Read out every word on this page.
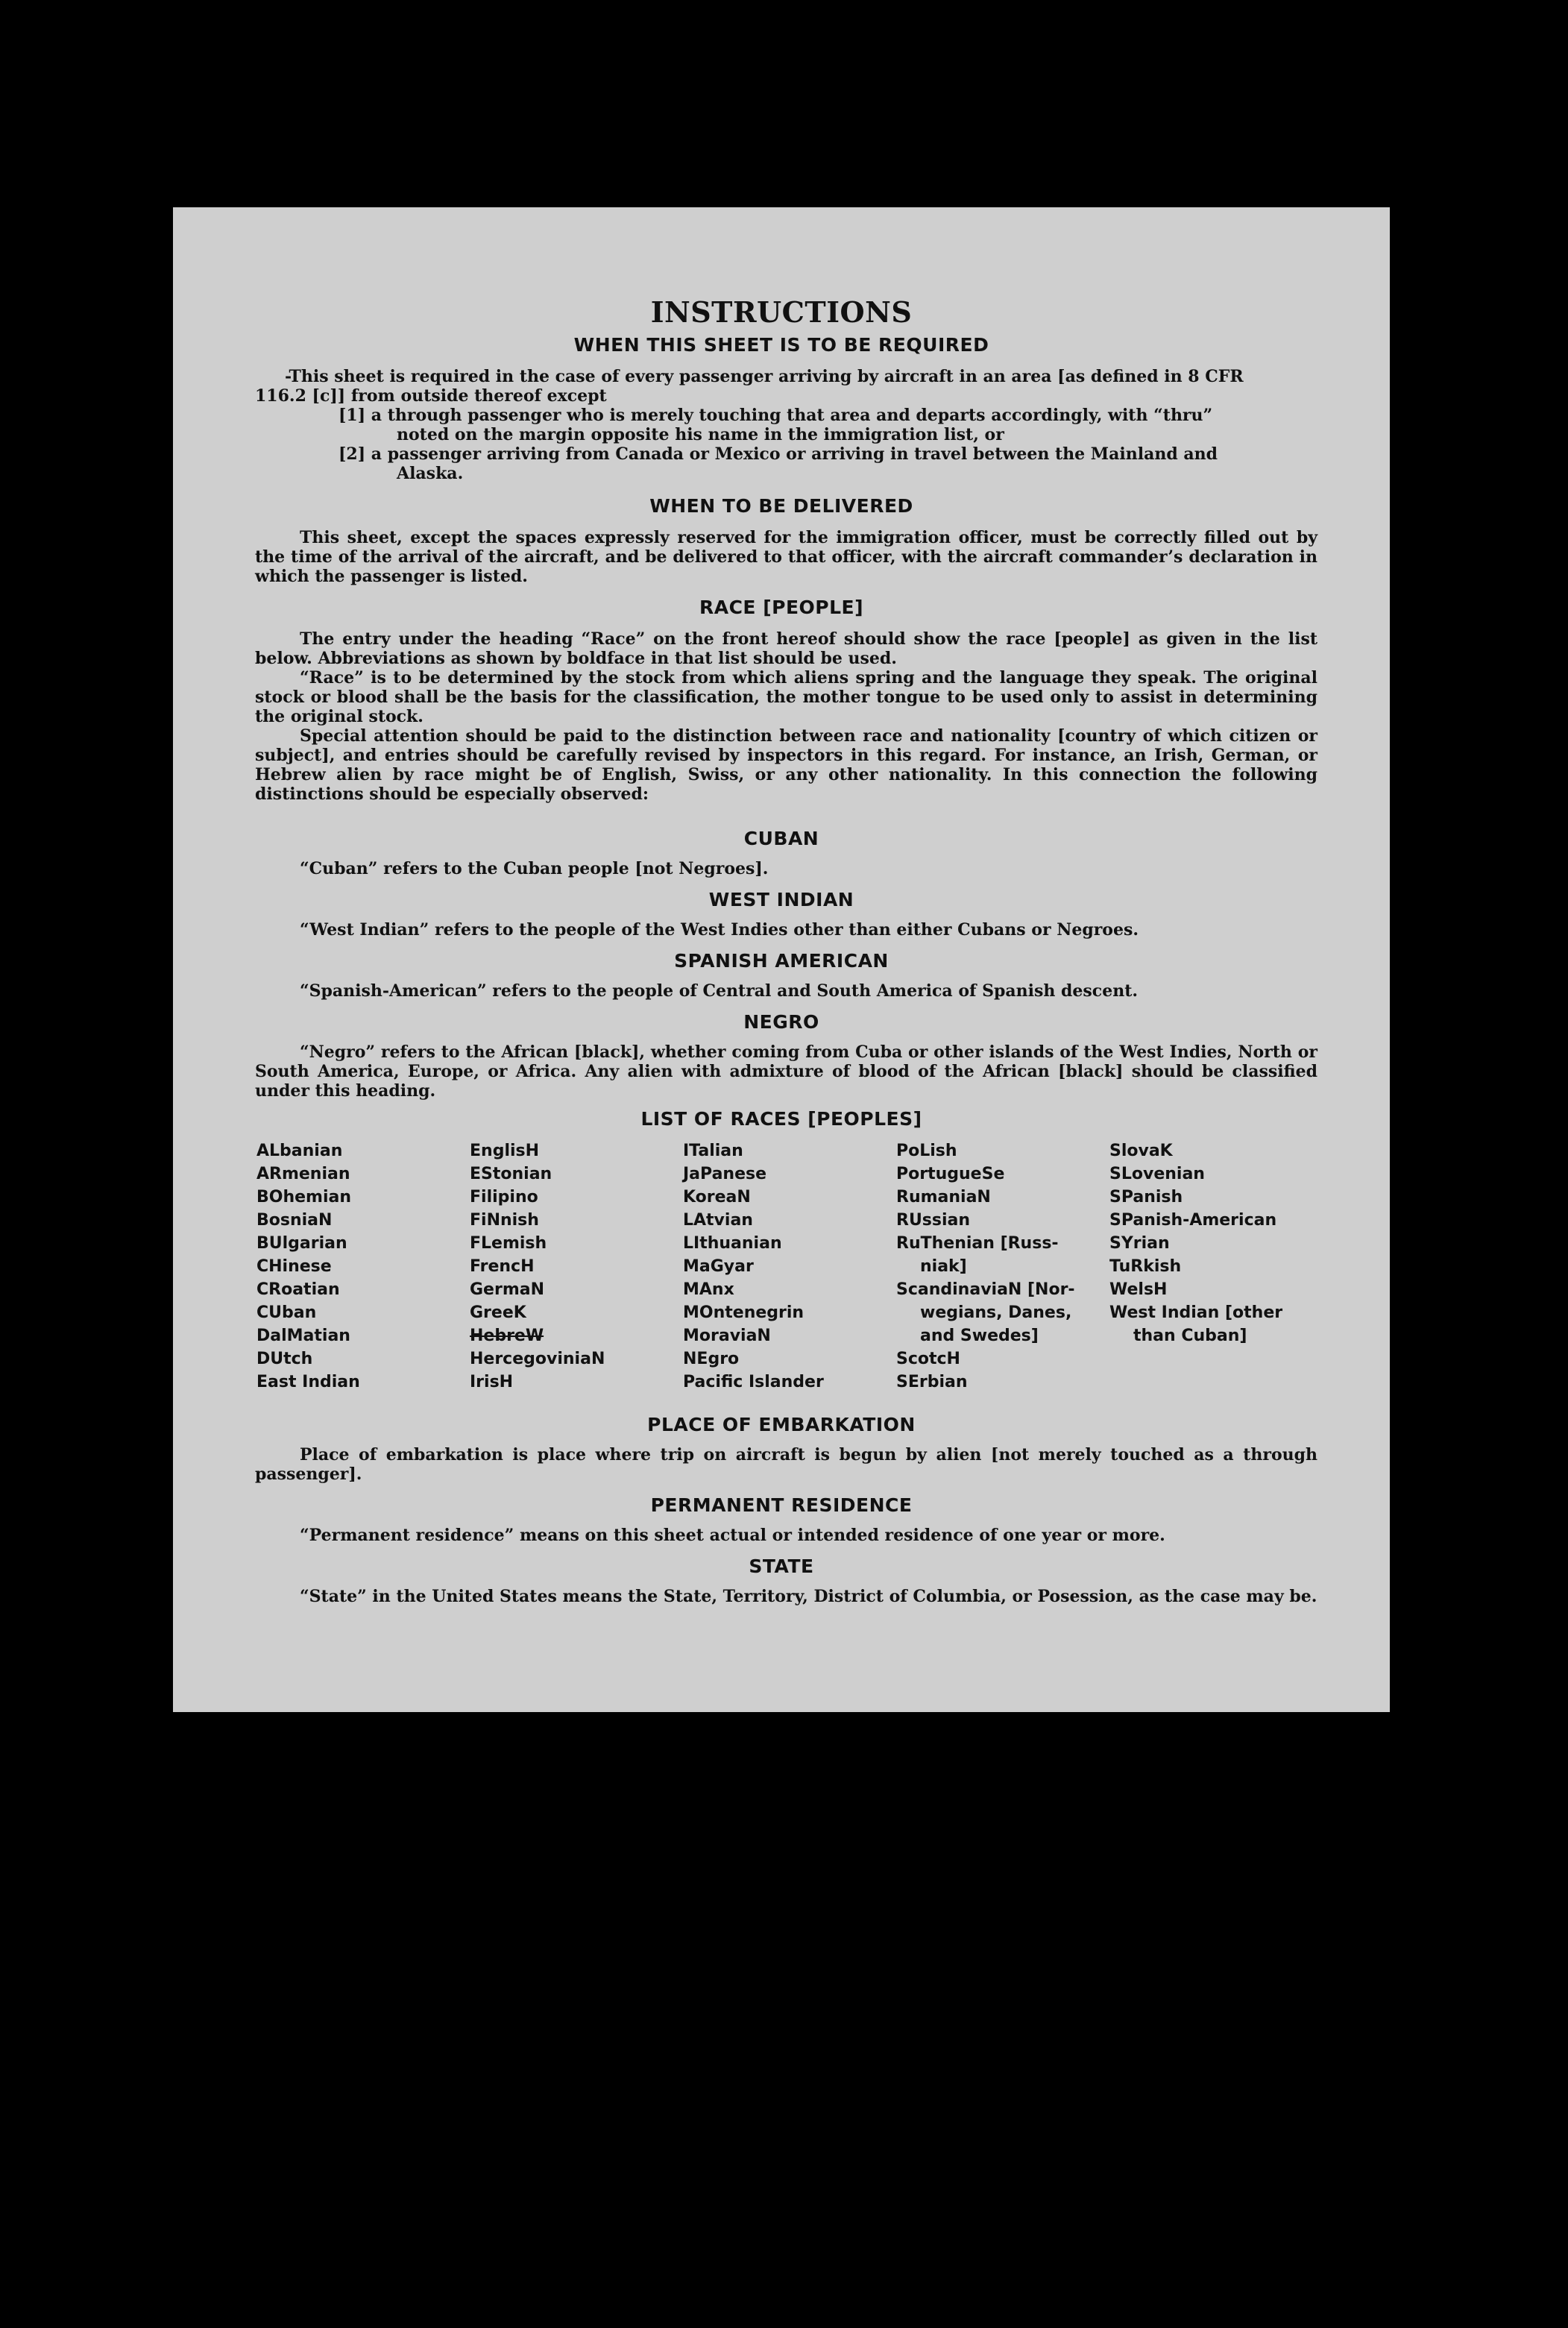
INSTRUCTIONS
WHEN THIS SHEET IS TO BE REQUIRED
-This sheet is required in the case of every passenger arriving by aircraft in an area [as defined in 8 CFR
116.2 [c]] from outside thereof except
[1] a through passenger who is merely touching that area and departs accordingly, with “thru”
noted on the margin opposite his name in the immigration list, or
[2] a passenger arriving from Canada or Mexico or arriving in travel between the Mainland and
Alaska.
WHEN TO BE DELIVERED
This sheet, except the spaces expressly reserved for the immigration officer, must be correctly filled out by the time of the arrival of the aircraft, and be delivered to that officer, with the aircraft commander’s declaration in which the passenger is listed.
RACE [PEOPLE]
The entry under the heading “Race” on the front hereof should show the race [people] as given in the list below. Abbreviations as shown by boldface in that list should be used.
“Race” is to be determined by the stock from which aliens spring and the language they speak. The original stock or blood shall be the basis for the classification, the mother tongue to be used only to assist in determining the original stock.
Special attention should be paid to the distinction between race and nationality [country of which citizen or subject], and entries should be carefully revised by inspectors in this regard. For instance, an Irish, German, or Hebrew alien by race might be of English, Swiss, or any other nationality. In this connection the following distinctions should be especially observed:
CUBAN
“Cuban” refers to the Cuban people [not Negroes].
WEST INDIAN
“West Indian” refers to the people of the West Indies other than either Cubans or Negroes.
SPANISH AMERICAN
“Spanish-American” refers to the people of Central and South America of Spanish descent.
NEGRO
“Negro” refers to the African [black], whether coming from Cuba or other islands of the West Indies, North or South America, Europe, or Africa. Any alien with admixture of blood of the African [black] should be classified under this heading.
LIST OF RACES [PEOPLES]
ALbanian
ARmenian
BOhemian
BosniaN
BUlgarian
CHinese
CRoatian
CUban
DalMatian
DUtch
East Indian
EnglisH
EStonian
Filipino
FiNnish
FLemish
FrencH
GermaN
GreeK
HebreW
HercegoviniaN
IrisH
ITalian
JaPanese
KoreaN
LAtvian
LIthuanian
MaGyar
MAnx
MOntenegrin
MoraviaN
NEgro
Pacific Islander
PoLish
PortugueSe
RumaniaN
RUssian
RuThenian [Russ-
niak]
ScandinaviaN [Nor-
wegians, Danes,
and Swedes]
ScotcH
SErbian
SlovaK
SLovenian
SPanish
SPanish-American
SYrian
TuRkish
WelsH
West Indian [other
than Cuban]
PLACE OF EMBARKATION
Place of embarkation is place where trip on aircraft is begun by alien [not merely touched as a through passenger].
PERMANENT RESIDENCE
“Permanent residence” means on this sheet actual or intended residence of one year or more.
STATE
“State” in the United States means the State, Territory, District of Columbia, or Posession, as the case may be.
